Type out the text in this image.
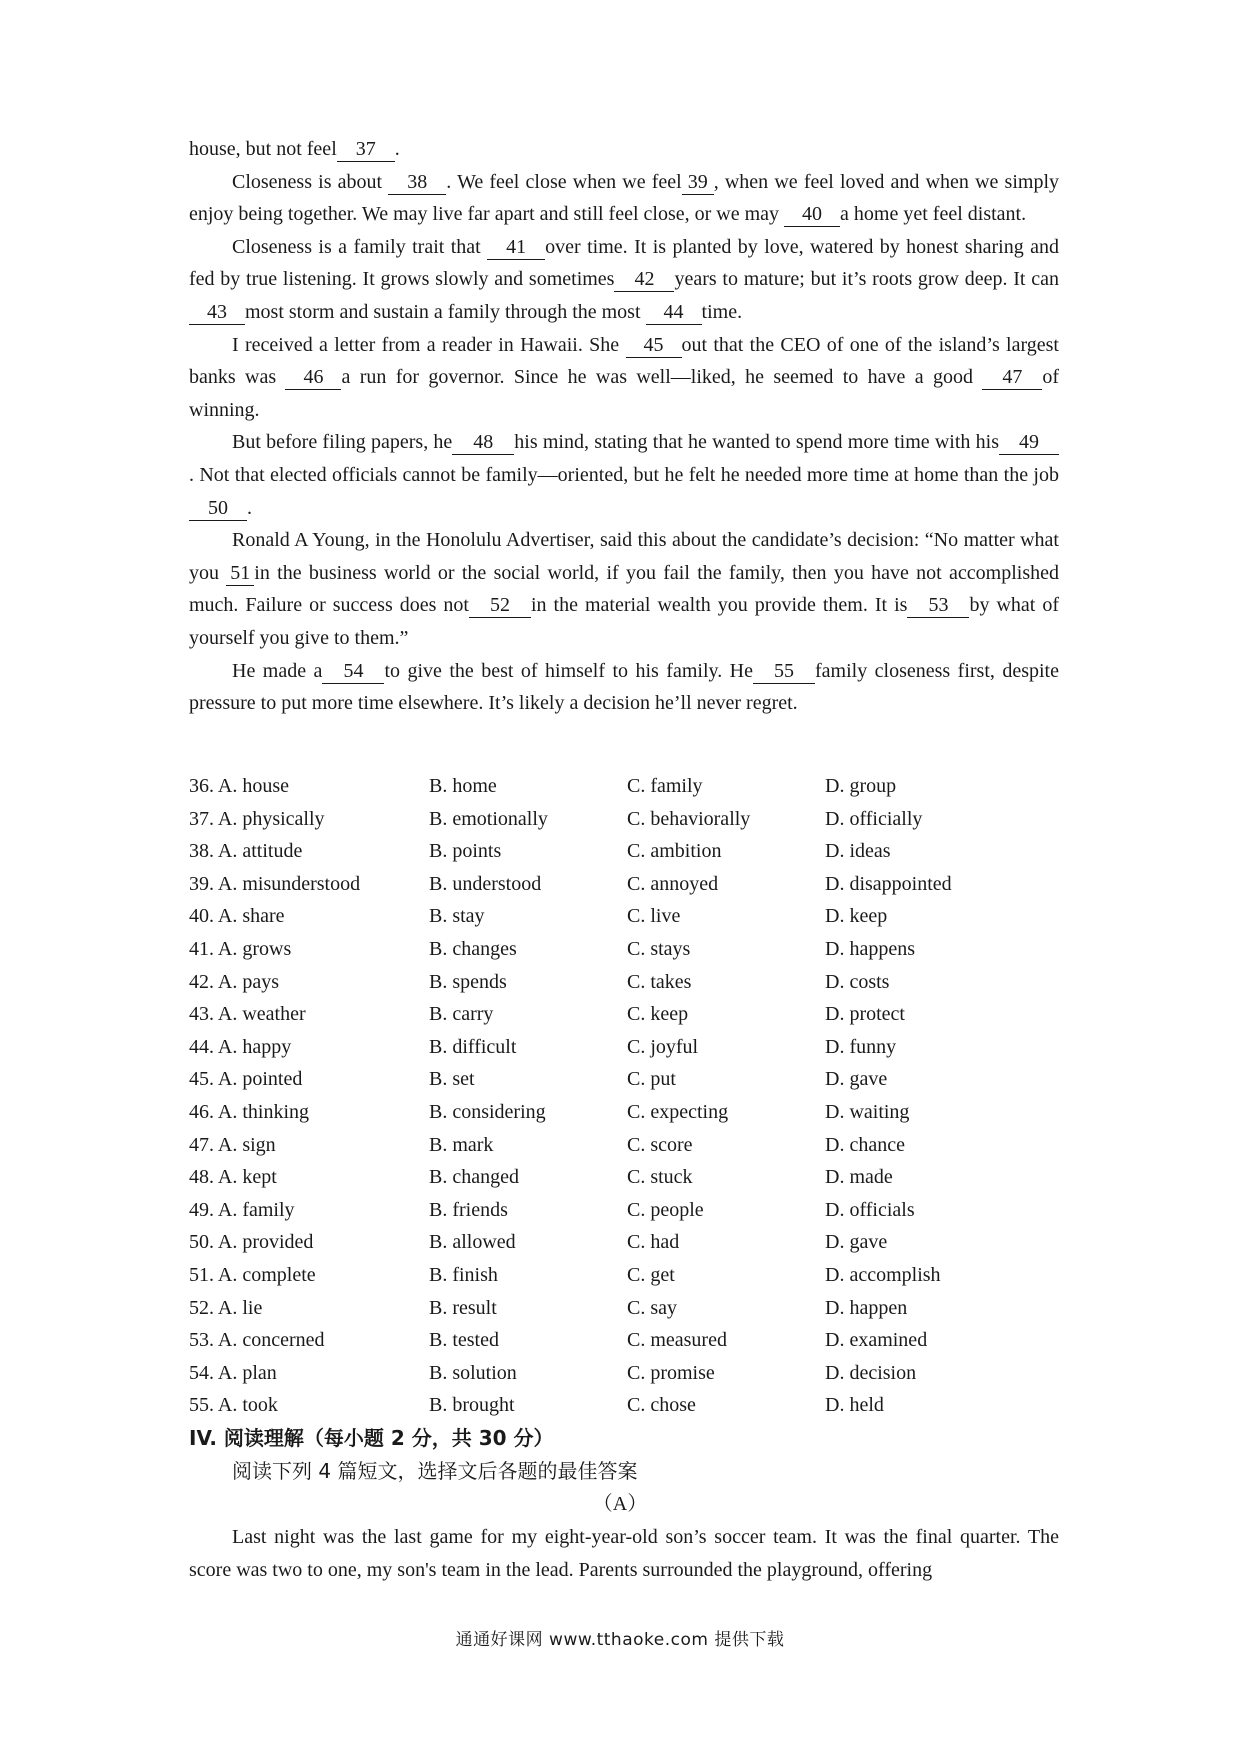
house, but not feel 37 .

Closeness is about 38 . We feel close when we feel 39 , when we feel loved and when we simply enjoy being together. We may live far apart and still feel close, or we may 40 a home yet feel distant.

Closeness is a family trait that 41 over time. It is planted by love, watered by honest sharing and fed by true listening. It grows slowly and sometimes 42 years to mature; but it’s roots grow deep. It can 43 most storm and sustain a family through the most 44 time.

I received a letter from a reader in Hawaii. She 45 out that the CEO of one of the island’s largest banks was 46 a run for governor. Since he was well—liked, he seemed to have a good 47 of winning.

But before filing papers, he 48 his mind, stating that he wanted to spend more time with his 49. Not that elected officials cannot be family—oriented, but he felt he needed more time at home than the job50 .

Ronald A Young, in the Honolulu Advertiser, said this about the candidate’s decision: “No matter what you 51in the business world or the social world, if you fail the family, then you have not accomplished much. Failure or success does not 52 in the material wealth you provide them. It is 53 by what of yourself you give to them.”

He made a 54 to give the best of himself to his family. He 55 family closeness first, despite pressure to put more time elsewhere. It’s likely a decision he’ll never regret.

36. A. house	B. home	C. family	D. group
37. A. physically	B. emotionally	C. behaviorally	D. officially
38. A. attitude	B. points	C. ambition	D. ideas
39. A. misunderstood	B. understood	C. annoyed	D. disappointed
40. A. share	B. stay	C. live	D. keep
41. A. grows	B. changes	C. stays	D. happens
42. A. pays	B. spends	C. takes	D. costs
43. A. weather	B. carry	C. keep	D. protect
44. A. happy	B. difficult	C. joyful	D. funny
45. A. pointed	B. set	C. put	D. gave
46. A. thinking	B. considering	C. expecting	D. waiting
47. A. sign	B. mark	C. score	D. chance
48. A. kept	B. changed	C. stuck	D. made
49. A. family	B. friends	C. people	D. officials
50. A. provided	B. allowed	C. had	D. gave
51. A. complete	B. finish	C. get	D. accomplish
52. A. lie	B. result	C. say	D. happen
53. A. concerned	B. tested	C. measured	D. examined
54. A. plan	B. solution	C. promise	D. decision
55. A. took	B. brought	C. chose	D. held
IV. 阅读理解（每小题 2 分，共 30 分）
阅读下列 4 篇短文，选择文后各题的最佳答案
（A）

Last night was the last game for my eight-year-old son’s soccer team. It was the final quarter. The score was two to one, my son's team in the lead. Parents surrounded the playground, offering

通通好课网 www.tthaoke.com 提供下载
